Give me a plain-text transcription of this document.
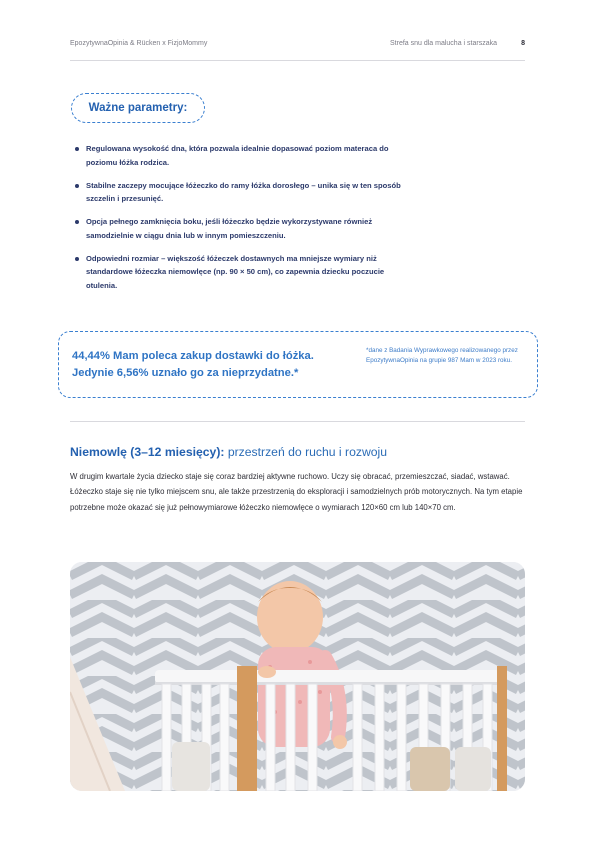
EpozytywnaOpinia & Rücken x FizjoMommy	Strefa snu dla malucha i starszaka	8
Ważne parametry:
Regulowana wysokość dna, która pozwala idealnie dopasować poziom materaca do poziomu łóżka rodzica.
Stabilne zaczepy mocujące łóżeczko do ramy łóżka dorosłego – unika się w ten sposób szczelin i przesunięć.
Opcja pełnego zamknięcia boku, jeśli łóżeczko będzie wykorzystywane również samodzielnie w ciągu dnia lub w innym pomieszczeniu.
Odpowiedni rozmiar – większość łóżeczek dostawnych ma mniejsze wymiary niż standardowe łóżeczka niemowlęce (np. 90 × 50 cm), co zapewnia dziecku poczucie otulenia.
44,44% Mam poleca zakup dostawki do łóżka.
Jedynie 6,56% uznało go za nieprzydatne.*
*dane z Badania Wyprawkowego realizowanego przez EpozytywnaOpinia na grupie 987 Mam w 2023 roku.
Niemowlę (3–12 miesięcy): przestrzeń do ruchu i rozwoju
W drugim kwartale życia dziecko staje się coraz bardziej aktywne ruchowo. Uczy się obracać, przemieszczać, siadać, wstawać. Łóżeczko staje się nie tylko miejscem snu, ale także przestrzenią do eksploracji i samodzielnych prób motorycznych. Na tym etapie potrzebne może okazać się już pełnowymiarowe łóżeczko niemowlęce o wymiarach 120×60 cm lub 140×70 cm.
